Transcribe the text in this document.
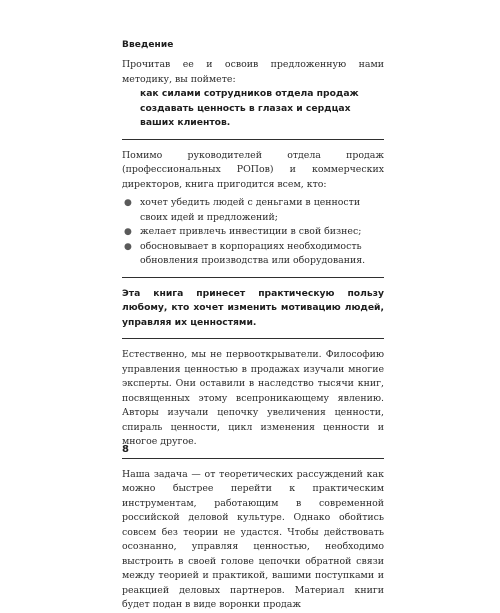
Введение

Прочитав ее и освоив предложенную нами методику, вы поймете:

как силами сотрудников отдела продаж создавать ценность в глазах и сердцах ваших клиентов.

Помимо руководителей отдела продаж (профессиональных РОПов) и коммерческих директоров, книга пригодится всем, кто:

● хочет убедить людей с деньгами в ценности своих идей и предложений;
● желает привлечь инвестиции в свой бизнес;
● обосновывает в корпорациях необходимость обновления производства или оборудования.

Эта книга принесет практическую пользу любому, кто хочет изменить мотивацию людей, управляя их ценностями.

Естественно, мы не первооткрыватели. Философию управления ценностью в продажах изучали многие эксперты. Они оставили в наследство тысячи книг, посвященных этому всепроникающему явлению. Авторы изучали цепочку увеличения ценности, спираль ценности, цикл изменения ценности и многое другое.

Наша задача — от теоретических рассуждений как можно быстрее перейти к практическим инструментам, работающим в современной российской деловой культуре. Однако обойтись совсем без теории не удастся. Чтобы действовать осознанно, управляя ценностью, необходимо выстроить в своей голове цепочки обратной связи между теорией и практикой, вашими поступками и реакцией деловых партнеров. Материал книги будет подан в виде воронки продаж

8
